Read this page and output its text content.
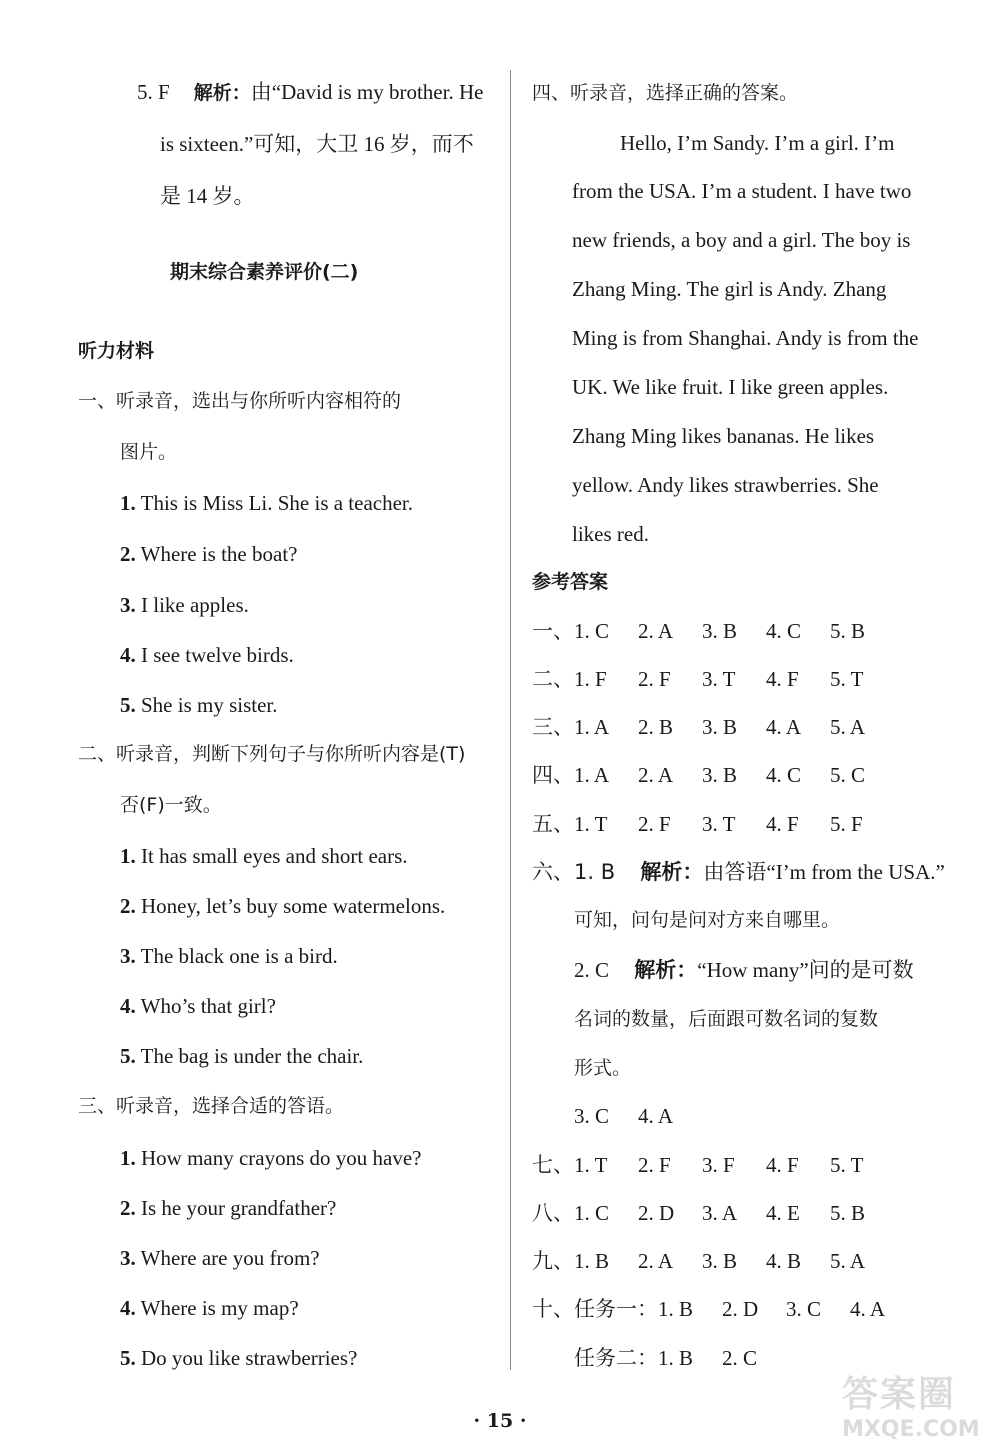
5. F 解析：由“David is my brother. He
is sixteen.”可知，大卫 16 岁，而不
是 14 岁。
期末综合素养评价(二)
听力材料
一、听录音，选出与你所听内容相符的
图片。
1. This is Miss Li. She is a teacher.
2. Where is the boat?
3. I like apples.
4. I see twelve birds.
5. She is my sister.
二、听录音，判断下列句子与你所听内容是(T)
否(F)一致。
1. It has small eyes and short ears.
2. Honey, let’s buy some watermelons.
3. The black one is a bird.
4. Who’s that girl?
5. The bag is under the chair.
三、听录音，选择合适的答语。
1. How many crayons do you have?
2. Is he your grandfather?
3. Where are you from?
4. Where is my map?
5. Do you like strawberries?
四、听录音，选择正确的答案。
Hello, I’m Sandy. I’m a girl. I’m
from the USA. I’m a student. I have two
new friends, a boy and a girl. The boy is
Zhang Ming. The girl is Andy. Zhang
Ming is from Shanghai. Andy is from the
UK. We like fruit. I like green apples.
Zhang Ming likes bananas. He likes
yellow. Andy likes strawberries. She
likes red.
参考答案
一、1. C 2. A 3. B 4. C 5. B
二、1. F 2. F 3. T 4. F 5. T
三、1. A 2. B 3. B 4. A 5. A
四、1. A 2. A 3. B 4. C 5. C
五、1. T 2. F 3. T 4. F 5. F
六、1. B 解析：由答语“I’m from the USA.”
可知，问句是问对方来自哪里。
2. C 解析：“How many”问的是可数
名词的数量，后面跟可数名词的复数
形式。
3. C 4. A
七、1. T 2. F 3. F 4. F 5. T
八、1. C 2. D 3. A 4. E 5. B
九、1. B 2. A 3. B 4. B 5. A
十、任务一：1. B 2. D 3. C 4. A
任务二：1. B 2. C
· 15 ·
答案圈
MXQE.COM
